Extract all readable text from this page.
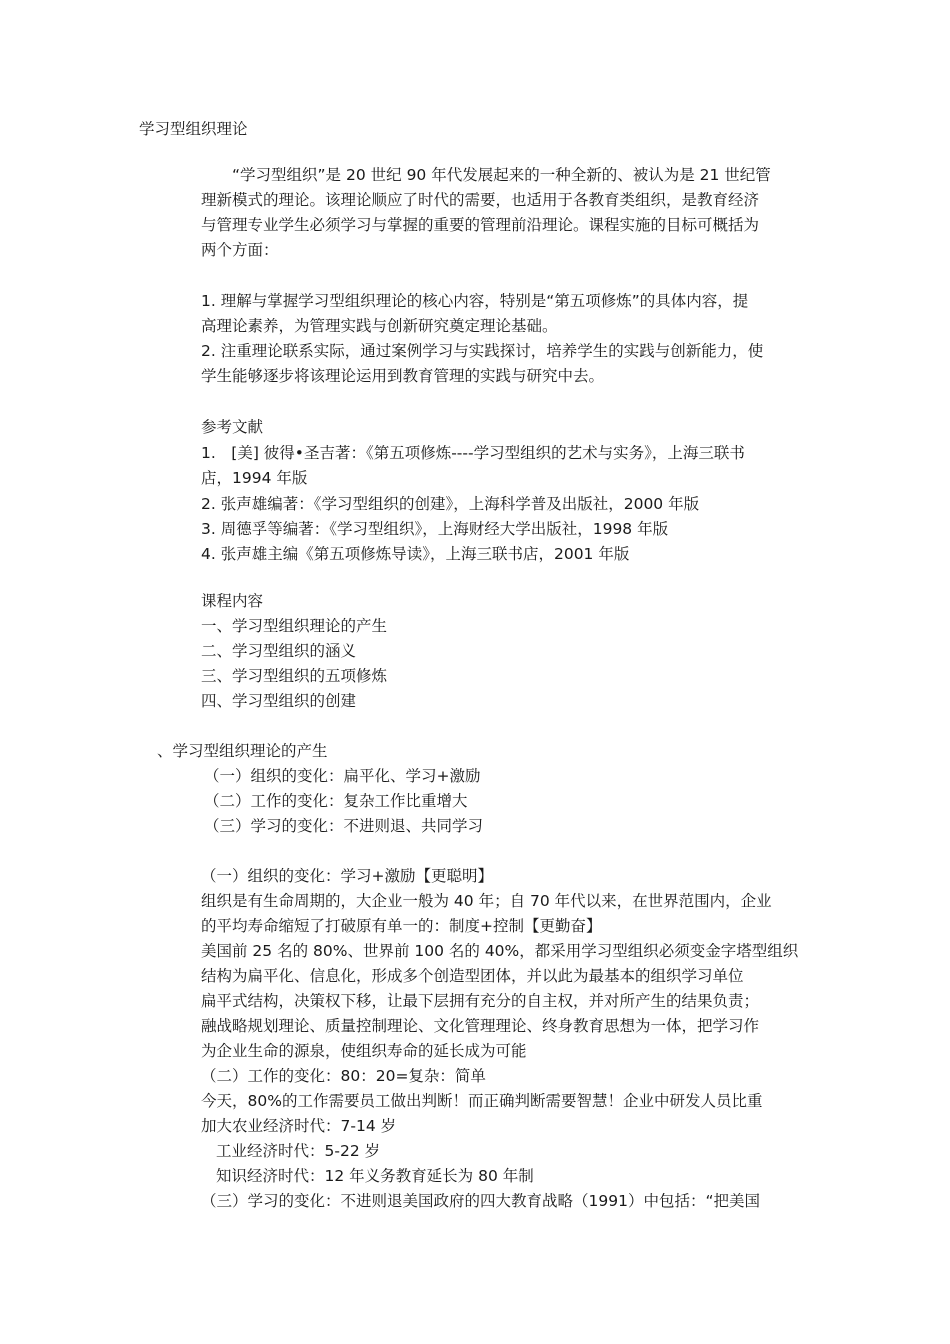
学习型组织理论
“学习型组织”是 20 世纪 90 年代发展起来的一种全新的、被认为是 21 世纪管
理新模式的理论。该理论顺应了时代的需要，也适用于各教育类组织，是教育经济
与管理专业学生必须学习与掌握的重要的管理前沿理论。课程实施的目标可概括为
两个方面：
1. 理解与掌握学习型组织理论的核心内容，特别是“第五项修炼”的具体内容，提
高理论素养，为管理实践与创新研究奠定理论基础。
2. 注重理论联系实际，通过案例学习与实践探讨，培养学生的实践与创新能力，使
学生能够逐步将该理论运用到教育管理的实践与研究中去。
参考文献
1.　[美] 彼得•圣吉著：《第五项修炼----学习型组织的艺术与实务》，上海三联书
店，1994 年版
2. 张声雄编著：《学习型组织的创建》，上海科学普及出版社，2000 年版
3. 周德孚等编著：《学习型组织》，上海财经大学出版社，1998 年版
4. 张声雄主编《第五项修炼导读》，上海三联书店，2001 年版
课程内容
一、学习型组织理论的产生
二、学习型组织的涵义
三、学习型组织的五项修炼
四、学习型组织的创建
、学习型组织理论的产生
（一）组织的变化：扁平化、学习+激励
（二）工作的变化：复杂工作比重增大
（三）学习的变化：不进则退、共同学习
（一）组织的变化：学习+激励【更聪明】
组织是有生命周期的，大企业一般为 40 年；自 70 年代以来，在世界范围内，企业
的平均寿命缩短了打破原有单一的：制度+控制【更勤奋】
美国前 25 名的 80%、世界前 100 名的 40%，都采用学习型组织必须变金字塔型组织
结构为扁平化、信息化，形成多个创造型团体，并以此为最基本的组织学习单位
扁平式结构，决策权下移，让最下层拥有充分的自主权，并对所产生的结果负责；
融战略规划理论、质量控制理论、文化管理理论、终身教育思想为一体，把学习作
为企业生命的源泉，使组织寿命的延长成为可能
（二）工作的变化：80：20=复杂：简单
今天，80%的工作需要员工做出判断！而正确判断需要智慧！企业中研发人员比重
加大农业经济时代：7-14 岁
工业经济时代：5-22 岁
知识经济时代：12 年义务教育延长为 80 年制
（三）学习的变化：不进则退美国政府的四大教育战略（1991）中包括：“把美国
